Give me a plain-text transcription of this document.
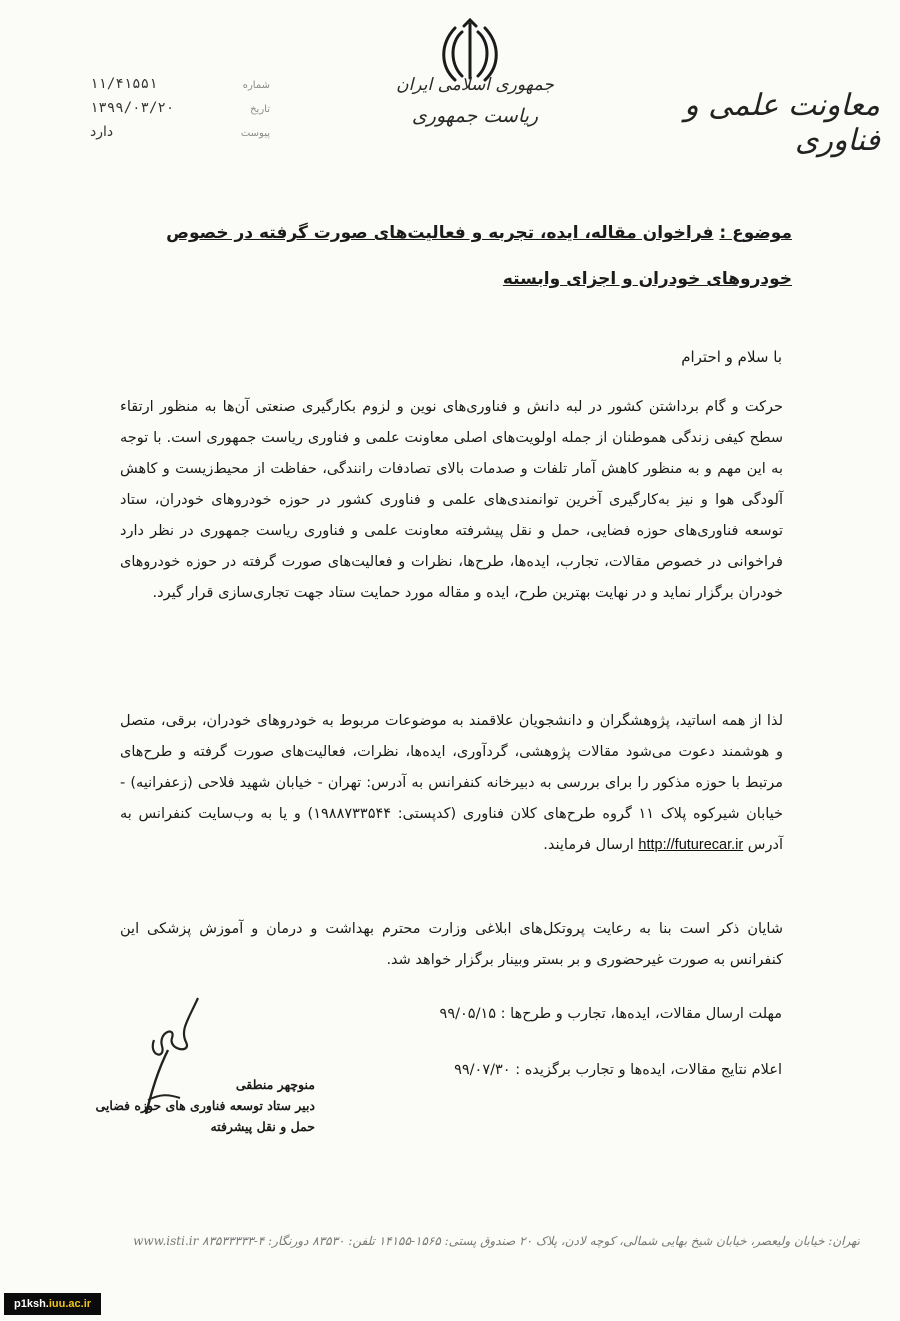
جمهوری اسلامی ایران
ریاست جمهوری	معاونت علمی و فناوری
شماره
۱۱/۴۱۵۵۱
تاریخ
۱۳۹۹/۰۳/۲۰
پیوست
دارد
موضوع : فراخوان مقاله، ایده، تجربه و فعالیت‌های صورت گرفته در خصوص خودروهای خودران و اجزای وابسته
با سلام و احترام
حرکت و گام برداشتن کشور در لبه دانش و فناوری‌های نوین و لزوم بکارگیری صنعتی آن‌ها به منظور ارتقاء سطح کیفی زندگی هموطنان از جمله اولویت‌های اصلی معاونت علمی و فناوری ریاست جمهوری است. با توجه به این مهم و به منظور کاهش آمار تلفات و صدمات بالای تصادفات رانندگی، حفاظت از محیط‌زیست و کاهش آلودگی هوا و نیز به‌کارگیری آخرین توانمندی‌های علمی و فناوری کشور در حوزه خودروهای خودران، ستاد توسعه فناوری‌های حوزه فضایی، حمل و نقل پیشرفته معاونت علمی و فناوری ریاست جمهوری در نظر دارد فراخوانی در خصوص مقالات، تجارب، ایده‌ها، طرح‌ها، نظرات و فعالیت‌های صورت گرفته در حوزه خودروهای خودران برگزار نماید و در نهایت بهترین طرح، ایده و مقاله مورد حمایت ستاد جهت تجاری‌سازی قرار گیرد.
لذا از همه اساتید، پژوهشگران و دانشجویان علاقمند به موضوعات مربوط به خودروهای خودران، برقی، متصل و هوشمند دعوت می‌شود مقالات پژوهشی، گردآوری، ایده‌ها، نظرات، فعالیت‌های صورت گرفته و طرح‌های مرتبط با حوزه مذکور را برای بررسی به دبیرخانه کنفرانس به آدرس: تهران - خیابان شهید فلاحی (زعفرانیه) - خیابان شیرکوه پلاک ۱۱ گروه طرح‌های کلان فناوری (کدپستی: ۱۹۸۸۷۳۳۵۴۴) و یا به وب‌سایت کنفرانس به آدرس http://futurecar.ir ارسال فرمایند.
شایان ذکر است بنا به رعایت پروتکل‌های ابلاغی وزارت محترم بهداشت و درمان و آموزش پزشکی این کنفرانس به صورت غیرحضوری و بر بستر وبینار برگزار خواهد شد.
مهلت ارسال مقالات، ایده‌ها، تجارب و طرح‌ها : ۹۹/۰۵/۱۵
اعلام نتایج مقالات، ایده‌ها و تجارب برگزیده : ۹۹/۰۷/۳۰
منوچهر منطقی
دبیر ستاد توسعه فناوری های حوزه فضایی
حمل و نقل پیشرفته
تهران: خیابان ولیعصر، خیابان شیخ بهایی شمالی، کوچه لادن، پلاک ۲۰ صندوق پستی: ۱۵۶۵-۱۴۱۵۵ تلفن: ۸۳۵۳۰ دورنگار: ۴-۸۳۵۳۳۳۳۳ www.isti.ir
p1ksh.iuu.ac.ir
